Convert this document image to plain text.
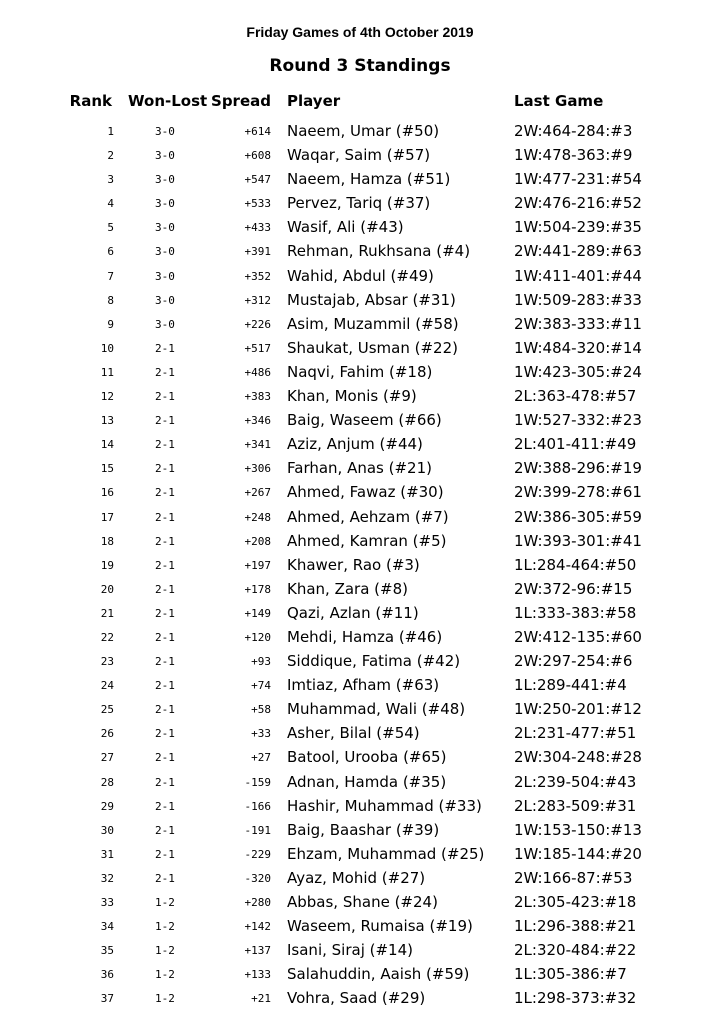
Friday Games of 4th October 2019
Round 3 Standings
Rank Won-Lost Spread Player	Last Game
1	3-0	+614 Naeem, Umar (#50)	2W:464-284:#3
2	3-0	+608 Waqar, Saim (#57)	1W:478-363:#9
3	3-0	+547 Naeem, Hamza (#51)	1W:477-231:#54
4	3-0	+533 Pervez, Tariq (#37)	2W:476-216:#52
5	3-0	+433 Wasif, Ali (#43)	1W:504-239:#35
6	3-0	+391 Rehman, Rukhsana (#4)	2W:441-289:#63
7	3-0	+352 Wahid, Abdul (#49)	1W:411-401:#44
8	3-0	+312 Mustajab, Absar (#31)	1W:509-283:#33
9	3-0	+226 Asim, Muzammil (#58)	2W:383-333:#11
10	2-1	+517 Shaukat, Usman (#22)	1W:484-320:#14
11	2-1	+486 Naqvi, Fahim (#18)	1W:423-305:#24
12	2-1	+383 Khan, Monis (#9)	2L:363-478:#57
13	2-1	+346 Baig, Waseem (#66)	1W:527-332:#23
14	2-1	+341 Aziz, Anjum (#44)	2L:401-411:#49
15	2-1	+306 Farhan, Anas (#21)	2W:388-296:#19
16	2-1	+267 Ahmed, Fawaz (#30)	2W:399-278:#61
17	2-1	+248 Ahmed, Aehzam (#7)	2W:386-305:#59
18	2-1	+208 Ahmed, Kamran (#5)	1W:393-301:#41
19	2-1	+197 Khawer, Rao (#3)	1L:284-464:#50
20	2-1	+178 Khan, Zara (#8)	2W:372-96:#15
21	2-1	+149 Qazi, Azlan (#11)	1L:333-383:#58
22	2-1	+120 Mehdi, Hamza (#46)	2W:412-135:#60
23	2-1	+93 Siddique, Fatima (#42)	2W:297-254:#6
24	2-1	+74 Imtiaz, Afham (#63)	1L:289-441:#4
25	2-1	+58 Muhammad, Wali (#48)	1W:250-201:#12
26	2-1	+33 Asher, Bilal (#54)	2L:231-477:#51
27	2-1	+27 Batool, Urooba (#65)	2W:304-248:#28
28	2-1	-159 Adnan, Hamda (#35)	2L:239-504:#43
29	2-1	-166 Hashir, Muhammad (#33) 2L:283-509:#31
30	2-1	-191 Baig, Baashar (#39)	1W:153-150:#13
31	2-1	-229 Ehzam, Muhammad (#25) 1W:185-144:#20
32	2-1	-320 Ayaz, Mohid (#27)	2W:166-87:#53
33	1-2	+280 Abbas, Shane (#24)	2L:305-423:#18
34	1-2	+142 Waseem, Rumaisa (#19)	1L:296-388:#21
35	1-2	+137 Isani, Siraj (#14)	2L:320-484:#22
36	1-2	+133 Salahuddin, Aaish (#59)	1L:305-386:#7
37	1-2	+21 Vohra, Saad (#29)	1L:298-373:#32
